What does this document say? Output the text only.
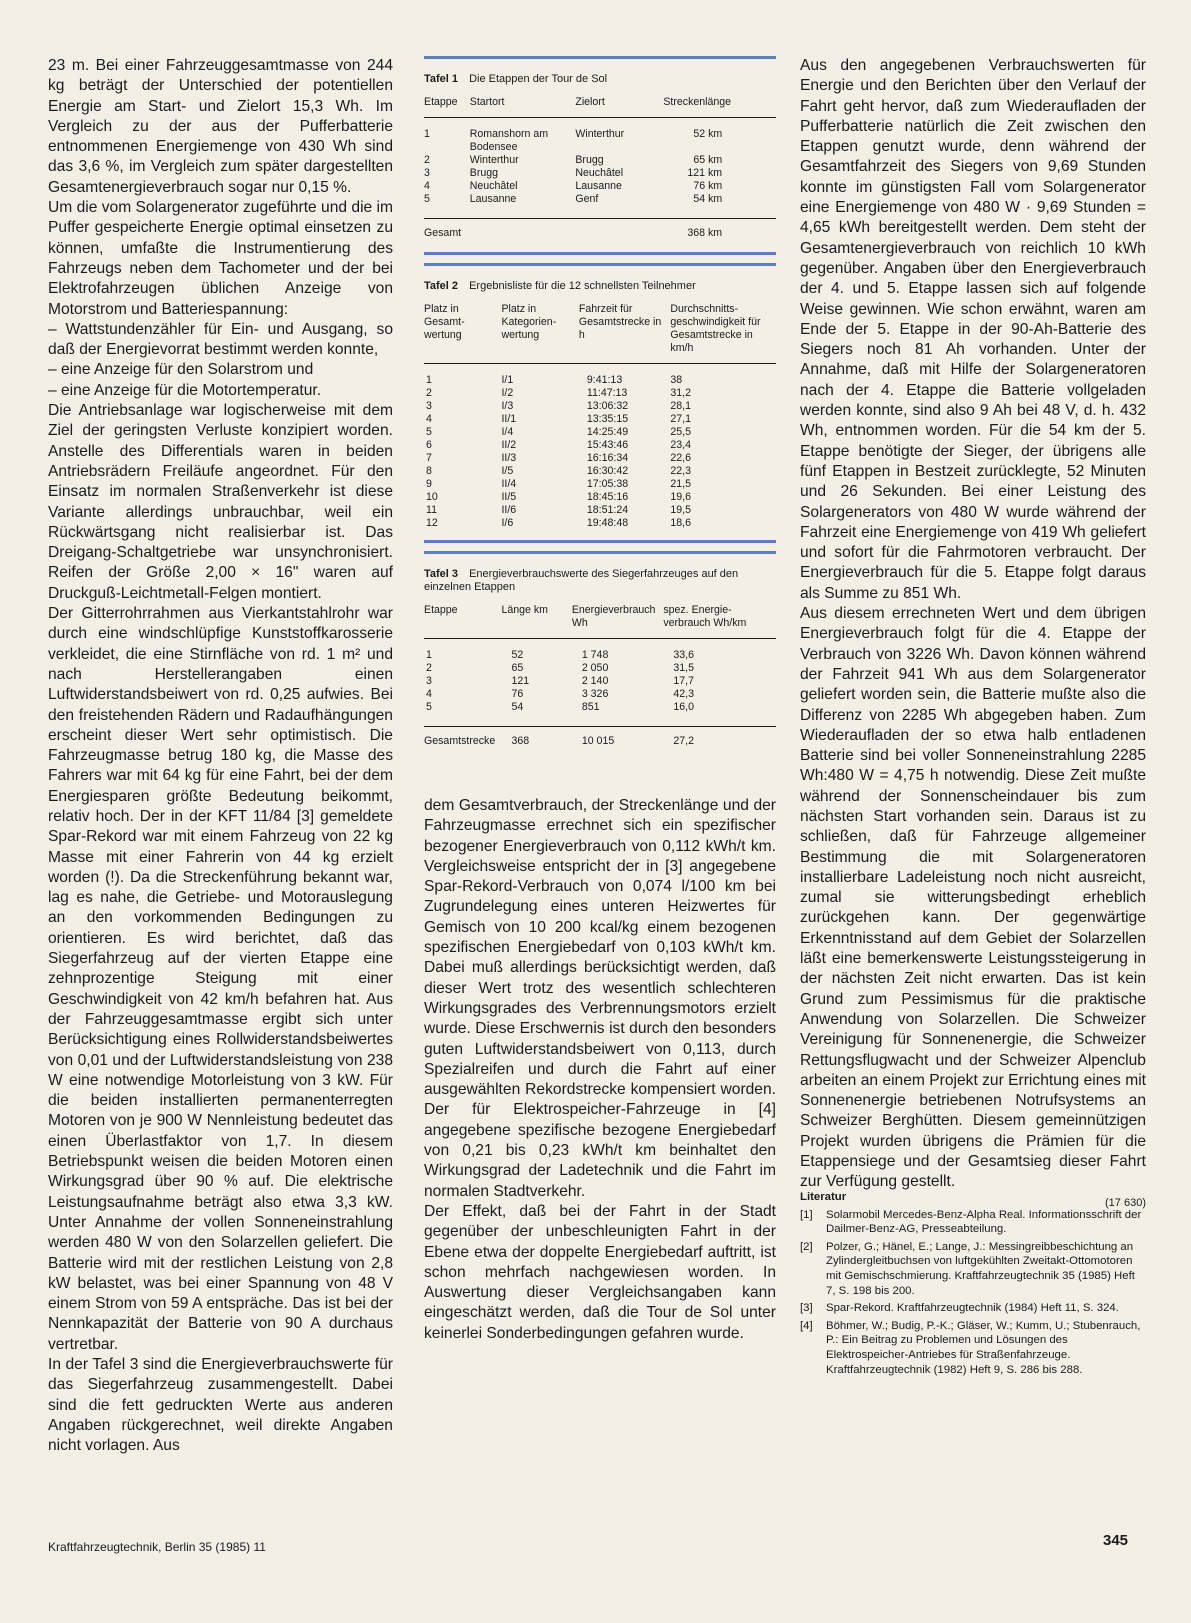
23 m. Bei einer Fahrzeuggesamtmasse von 244 kg beträgt der Unterschied der potentiellen Energie am Start- und Zielort 15,3 Wh. Im Vergleich zu der aus der Pufferbatterie entnommenen Energiemenge von 430 Wh sind das 3,6 %, im Vergleich zum später dargestellten Gesamtenergieverbrauch sogar nur 0,15 %.

Um die vom Solargenerator zugeführte und die im Puffer gespeicherte Energie optimal einsetzen zu können, umfaßte die Instrumentierung des Fahrzeugs neben dem Tachometer und der bei Elektrofahrzeugen üblichen Anzeige von Motorstrom und Batteriespannung:

– Wattstundenzähler für Ein- und Ausgang, so daß der Energievorrat bestimmt werden konnte,

– eine Anzeige für den Solarstrom und

– eine Anzeige für die Motortemperatur.

Die Antriebsanlage war logischerweise mit dem Ziel der geringsten Verluste konzipiert worden. Anstelle des Differentials waren in beiden Antriebsrädern Freiläufe angeordnet. Für den Einsatz im normalen Straßenverkehr ist diese Variante allerdings unbrauchbar, weil ein Rückwärtsgang nicht realisierbar ist. Das Dreigang-Schaltgetriebe war unsynchronisiert. Reifen der Größe 2,00 × 16" waren auf Druckguß-Leichtmetall-Felgen montiert.

Der Gitterrohrrahmen aus Vierkantstahlrohr war durch eine windschlüpfige Kunststoffkarosserie verkleidet, die eine Stirnfläche von rd. 1 m² und nach Herstellerangaben einen Luftwiderstandsbeiwert von rd. 0,25 aufwies. Bei den freistehenden Rädern und Radaufhängungen erscheint dieser Wert sehr optimistisch. Die Fahrzeugmasse betrug 180 kg, die Masse des Fahrers war mit 64 kg für eine Fahrt, bei der dem Energiesparen größte Bedeutung beikommt, relativ hoch. Der in der KFT 11/84 [3] gemeldete Spar-Rekord war mit einem Fahrzeug von 22 kg Masse mit einer Fahrerin von 44 kg erzielt worden (!). Da die Streckenführung bekannt war, lag es nahe, die Getriebe- und Motorauslegung an den vorkommenden Bedingungen zu orientieren. Es wird berichtet, daß das Siegerfahrzeug auf der vierten Etappe eine zehnprozentige Steigung mit einer Geschwindigkeit von 42 km/h befahren hat. Aus der Fahrzeuggesamtmasse ergibt sich unter Berücksichtigung eines Rollwiderstandsbeiwertes von 0,01 und der Luftwiderstandsleistung von 238 W eine notwendige Motorleistung von 3 kW. Für die beiden installierten permanenterregten Motoren von je 900 W Nennleistung bedeutet das einen Überlastfaktor von 1,7. In diesem Betriebspunkt weisen die beiden Motoren einen Wirkungsgrad über 90 % auf. Die elektrische Leistungsaufnahme beträgt also etwa 3,3 kW. Unter Annahme der vollen Sonneneinstrahlung werden 480 W von den Solarzellen geliefert. Die Batterie wird mit der restlichen Leistung von 2,8 kW belastet, was bei einer Spannung von 48 V einem Strom von 59 A entspräche. Das ist bei der Nennkapazität der Batterie von 90 A durchaus vertretbar.

In der Tafel 3 sind die Energieverbrauchswerte für das Siegerfahrzeug zusammengestellt. Dabei sind die fett gedruckten Werte aus anderen Angaben rückgerechnet, weil direkte Angaben nicht vorlagen. Aus

Tafel 1 Die Etappen der Tour de Sol
Etappe	Startort	Zielort	Streckenlänge
1	Romanshorn am Bodensee	Winterthur	52 km
2	Winterthur	Brugg	65 km
3	Brugg	Neuchâtel	121 km
4	Neuchâtel	Lausanne	76 km
5	Lausanne	Genf	54 km
Gesamt			368 km
Tafel 2 Ergebnisliste für die 12 schnellsten Teilnehmer
Platz in Gesamtwertung	Platz in Kategorienwertung	Fahrzeit für Gesamtstrecke in h	Durchschnittsgeschwindigkeit für Gesamtstrecke in km/h
1	I/1	9:41:13	38
2	I/2	11:47:13	31,2
3	I/3	13:06:32	28,1
4	II/1	13:35:15	27,1
5	I/4	14:25:49	25,5
6	II/2	15:43:46	23,4
7	II/3	16:16:34	22,6
8	I/5	16:30:42	22,3
9	II/4	17:05:38	21,5
10	II/5	18:45:16	19,6
11	II/6	18:51:24	19,5
12	I/6	19:48:48	18,6
Tafel 3 Energieverbrauchswerte des Siegerfahrzeuges auf den einzelnen Etappen
Etappe	Länge km	Energieverbrauch Wh	spez. Energieverbrauch Wh/km
1	52	1 748	33,6
2	65	2 050	31,5
3	121	2 140	17,7
4	76	3 326	42,3
5	54	851	16,0
Gesamtstrecke	368	10 015	27,2

dem Gesamtverbrauch, der Streckenlänge und der Fahrzeugmasse errechnet sich ein spezifischer bezogener Energieverbrauch von 0,112 kWh/t km. Vergleichsweise entspricht der in [3] angegebene Spar-Rekord-Verbrauch von 0,074 l/100 km bei Zugrundelegung eines unteren Heizwertes für Gemisch von 10 200 kcal/kg einem bezogenen spezifischen Energiebedarf von 0,103 kWh/t km. Dabei muß allerdings berücksichtigt werden, daß dieser Wert trotz des wesentlich schlechteren Wirkungsgrades des Verbrennungsmotors erzielt wurde. Diese Erschwernis ist durch den besonders guten Luftwiderstandsbeiwert von 0,113, durch Spezialreifen und durch die Fahrt auf einer ausgewählten Rekordstrecke kompensiert worden. Der für Elektrospeicher-Fahrzeuge in [4] angegebene spezifische bezogene Energiebedarf von 0,21 bis 0,23 kWh/t km beinhaltet den Wirkungsgrad der Ladetechnik und die Fahrt im normalen Stadtverkehr.

Der Effekt, daß bei der Fahrt in der Stadt gegenüber der unbeschleunigten Fahrt in der Ebene etwa der doppelte Energiebedarf auftritt, ist schon mehrfach nachgewiesen worden. In Auswertung dieser Vergleichsangaben kann eingeschätzt werden, daß die Tour de Sol unter keinerlei Sonderbedingungen gefahren wurde.

Aus den angegebenen Verbrauchswerten für Energie und den Berichten über den Verlauf der Fahrt geht hervor, daß zum Wiederaufladen der Pufferbatterie natürlich die Zeit zwischen den Etappen genutzt wurde, denn während der Gesamtfahrzeit des Siegers von 9,69 Stunden konnte im günstigsten Fall vom Solargenerator eine Energiemenge von 480 W · 9,69 Stunden = 4,65 kWh bereitgestellt werden. Dem steht der Gesamtenergieverbrauch von reichlich 10 kWh gegenüber. Angaben über den Energieverbrauch der 4. und 5. Etappe lassen sich auf folgende Weise gewinnen. Wie schon erwähnt, waren am Ende der 5. Etappe in der 90-Ah-Batterie des Siegers noch 81 Ah vorhanden. Unter der Annahme, daß mit Hilfe der Solargeneratoren nach der 4. Etappe die Batterie vollgeladen werden konnte, sind also 9 Ah bei 48 V, d. h. 432 Wh, entnommen worden. Für die 54 km der 5. Etappe benötigte der Sieger, der übrigens alle fünf Etappen in Bestzeit zurücklegte, 52 Minuten und 26 Sekunden. Bei einer Leistung des Solargenerators von 480 W wurde während der Fahrzeit eine Energiemenge von 419 Wh geliefert und sofort für die Fahrmotoren verbraucht. Der Energieverbrauch für die 5. Etappe folgt daraus als Summe zu 851 Wh.

Aus diesem errechneten Wert und dem übrigen Energieverbrauch folgt für die 4. Etappe der Verbrauch von 3226 Wh. Davon können während der Fahrzeit 941 Wh aus dem Solargenerator geliefert worden sein, die Batterie mußte also die Differenz von 2285 Wh abgegeben haben. Zum Wiederaufladen der so etwa halb entladenen Batterie sind bei voller Sonneneinstrahlung 2285 Wh:480 W = 4,75 h notwendig. Diese Zeit mußte während der Sonnenscheindauer bis zum nächsten Start vorhanden sein. Daraus ist zu schließen, daß für Fahrzeuge allgemeiner Bestimmung die mit Solargeneratoren installierbare Ladeleistung noch nicht ausreicht, zumal sie witterungsbedingt erheblich zurückgehen kann. Der gegenwärtige Erkenntnisstand auf dem Gebiet der Solarzellen läßt eine bemerkenswerte Leistungssteigerung in der nächsten Zeit nicht erwarten. Das ist kein Grund zum Pessimismus für die praktische Anwendung von Solarzellen. Die Schweizer Vereinigung für Sonnenenergie, die Schweizer Rettungsflugwacht und der Schweizer Alpenclub arbeiten an einem Projekt zur Errichtung eines mit Sonnenenergie betriebenen Notrufsystems an Schweizer Berghütten. Diesem gemeinnützigen Projekt wurden übrigens die Prämien für die Etappensiege und der Gesamtsieg dieser Fahrt zur Verfügung gestellt.

(17 630)
Literatur
[1]	Solarmobil Mercedes-Benz-Alpha Real. Informationsschrift der Dailmer-Benz-AG, Presseabteilung.
[2]	Polzer, G.; Hänel, E.; Lange, J.: Messingreibbeschichtung an Zylindergleitbuchsen von luftgekühlten Zweitakt-Ottomotoren mit Gemischschmierung. Kraftfahrzeugtechnik 35 (1985) Heft 7, S. 198 bis 200.
[3]	Spar-Rekord. Kraftfahrzeugtechnik (1984) Heft 11, S. 324.
[4]	Böhmer, W.; Budig, P.-K.; Gläser, W.; Kumm, U.; Stubenrauch, P.: Ein Beitrag zu Problemen und Lösungen des Elektrospeicher-Antriebes für Straßenfahrzeuge. Kraftfahrzeugtechnik (1982) Heft 9, S. 286 bis 288.
Kraftfahrzeugtechnik, Berlin 35 (1985) 11	345
